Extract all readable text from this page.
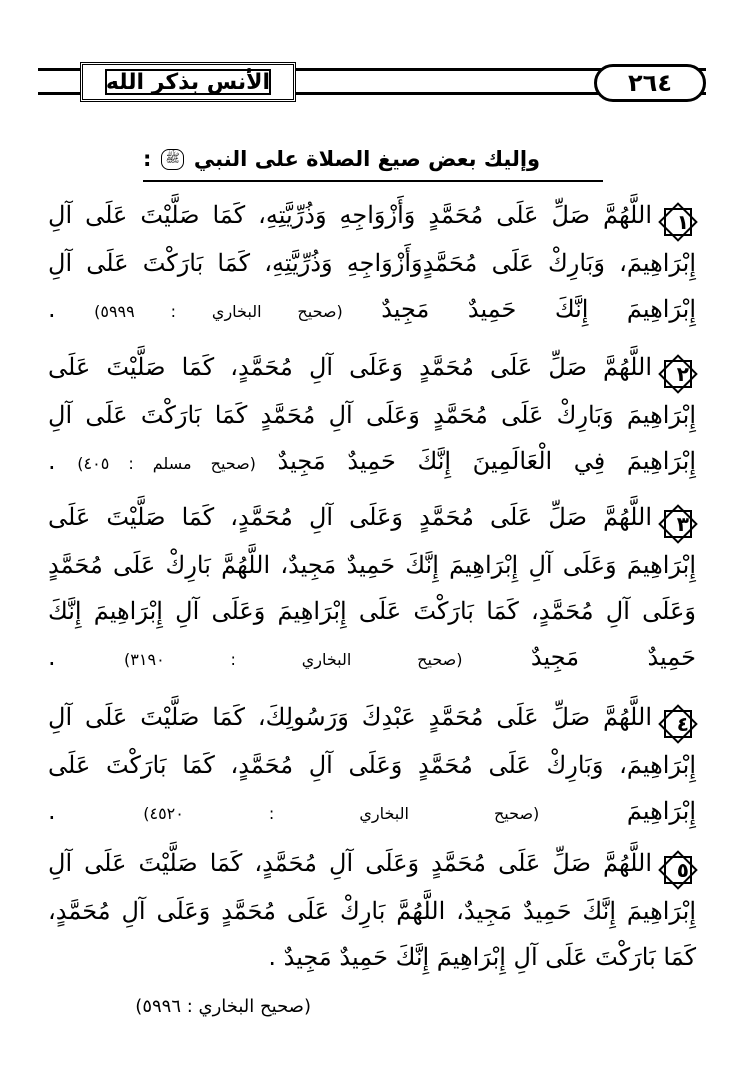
الأنس بذكر الله	٢٦٤
وإليك بعض صيغ الصلاة على النبي
ﷺ
:
١
اللَّهُمَّ صَلِّ عَلَى مُحَمَّدٍ وَأَزْوَاجِهِ وَذُرِّيَّتِهِ، كَمَا صَلَّيْتَ عَلَى آلِ إِبْرَاهِيمَ، وَبَارِكْ عَلَى مُحَمَّدٍوَأَزْوَاجِهِ وَذُرِّيَّتِهِ، كَمَا بَارَكْتَ عَلَى آلِ إِبْرَاهِيمَ إِنَّكَ حَمِيدٌ مَجِيدٌ (صحيح البخاري : ٥٩٩٩) .
٢
اللَّهُمَّ صَلِّ عَلَى مُحَمَّدٍ وَعَلَى آلِ مُحَمَّدٍ، كَمَا صَلَّيْتَ عَلَى إِبْرَاهِيمَ وَبَارِكْ عَلَى مُحَمَّدٍ وَعَلَى آلِ مُحَمَّدٍ كَمَا بَارَكْتَ عَلَى آلِ إِبْرَاهِيمَ فِي الْعَالَمِينَ إِنَّكَ حَمِيدٌ مَجِيدٌ (صحيح مسلم : ٤٠٥) .
٣
اللَّهُمَّ صَلِّ عَلَى مُحَمَّدٍ وَعَلَى آلِ مُحَمَّدٍ، كَمَا صَلَّيْتَ عَلَى إِبْرَاهِيمَ وَعَلَى آلِ إِبْرَاهِيمَ إِنَّكَ حَمِيدٌ مَجِيدٌ، اللَّهُمَّ بَارِكْ عَلَى مُحَمَّدٍ وَعَلَى آلِ مُحَمَّدٍ، كَمَا بَارَكْتَ عَلَى إِبْرَاهِيمَ وَعَلَى آلِ إِبْرَاهِيمَ إِنَّكَ حَمِيدٌ مَجِيدٌ (صحيح البخاري : ٣١٩٠) .
٤
اللَّهُمَّ صَلِّ عَلَى مُحَمَّدٍ عَبْدِكَ وَرَسُولِكَ، كَمَا صَلَّيْتَ عَلَى آلِ إِبْرَاهِيمَ، وَبَارِكْ عَلَى مُحَمَّدٍ وَعَلَى آلِ مُحَمَّدٍ، كَمَا بَارَكْتَ عَلَى إِبْرَاهِيمَ (صحيح البخاري : ٤٥٢٠) .
٥
اللَّهُمَّ صَلِّ عَلَى مُحَمَّدٍ وَعَلَى آلِ مُحَمَّدٍ، كَمَا صَلَّيْتَ عَلَى آلِ إِبْرَاهِيمَ إِنَّكَ حَمِيدٌ مَجِيدٌ، اللَّهُمَّ بَارِكْ عَلَى مُحَمَّدٍ وَعَلَى آلِ مُحَمَّدٍ، كَمَا بَارَكْتَ عَلَى آلِ إِبْرَاهِيمَ إِنَّكَ حَمِيدٌ مَجِيدٌ .
(صحيح البخاري : ٥٩٩٦)
